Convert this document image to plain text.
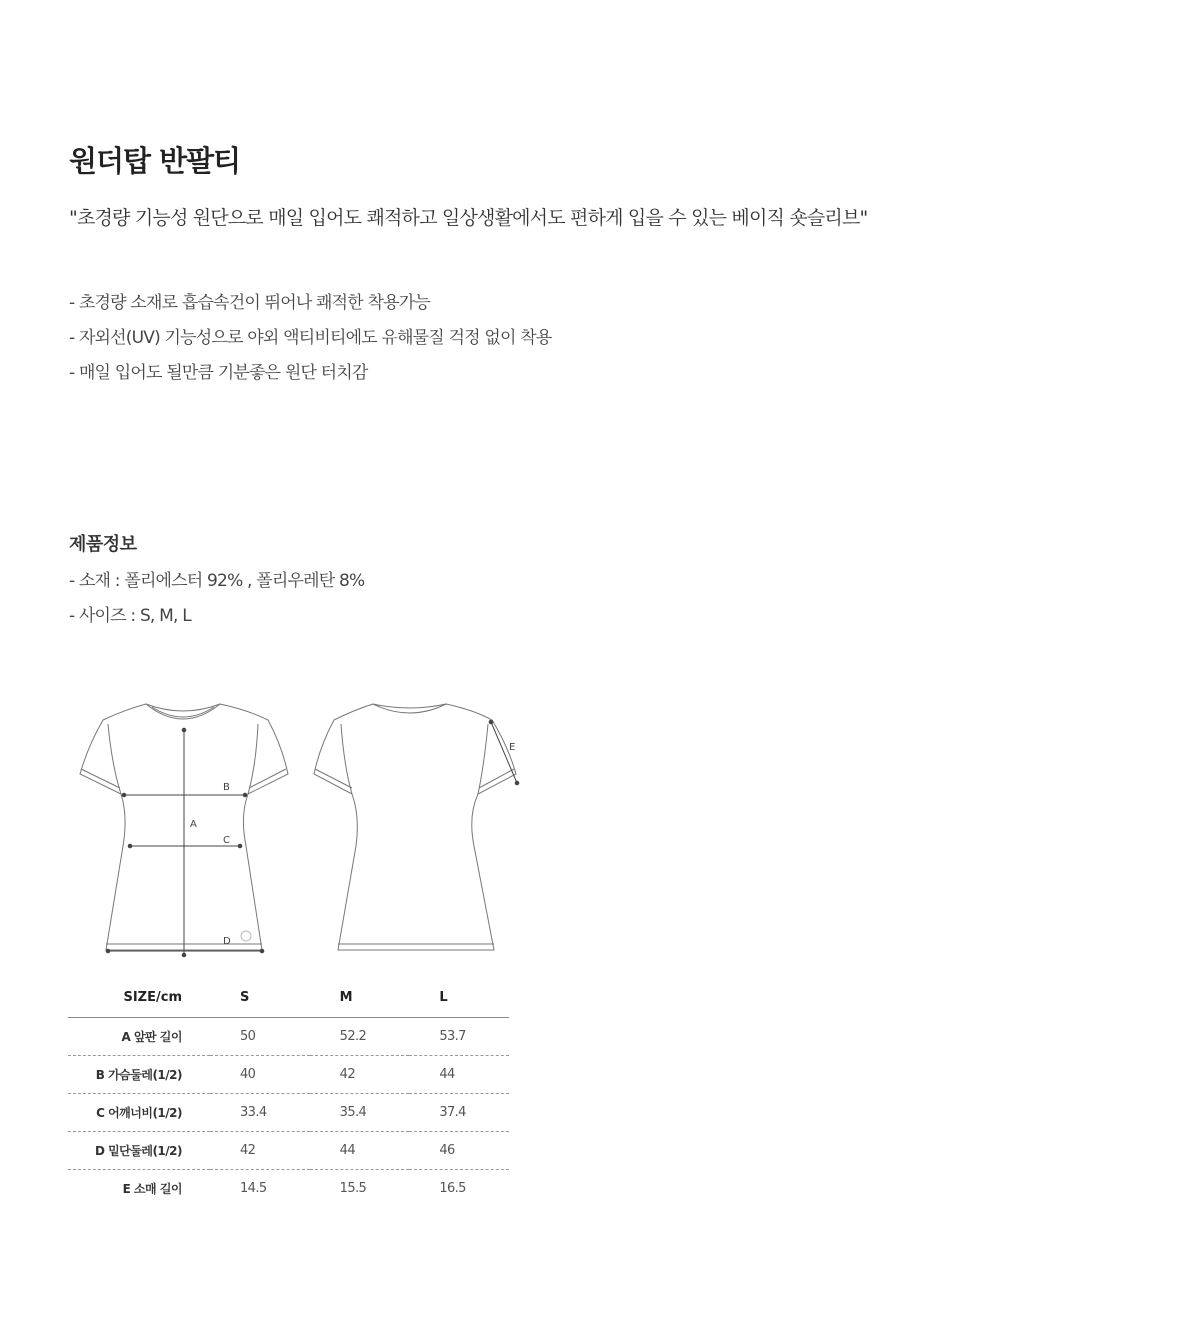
원더탑 반팔티

"초경량 기능성 원단으로 매일 입어도 쾌적하고 일상생활에서도 편하게 입을 수 있는 베이직 숏슬리브"

- 초경량 소재로 흡습속건이 뛰어나 쾌적한 착용가능
- 자외선(UV) 기능성으로 야외 액티비티에도 유해물질 걱정 없이 착용
- 매일 입어도 될만큼 기분좋은 원단 터치감
제품정보
- 소재 : 폴리에스터 92% , 폴리우레탄 8%
- 사이즈 : S, M, L
A
B
C
D
E
SIZE/cm	S	M	L
A 앞판 길이	50	52.2	53.7
B 가슴둘레(1/2)	40	42	44
C 어깨너비(1/2)	33.4	35.4	37.4
D 밑단둘레(1/2)	42	44	46
E 소매 길이	14.5	15.5	16.5
